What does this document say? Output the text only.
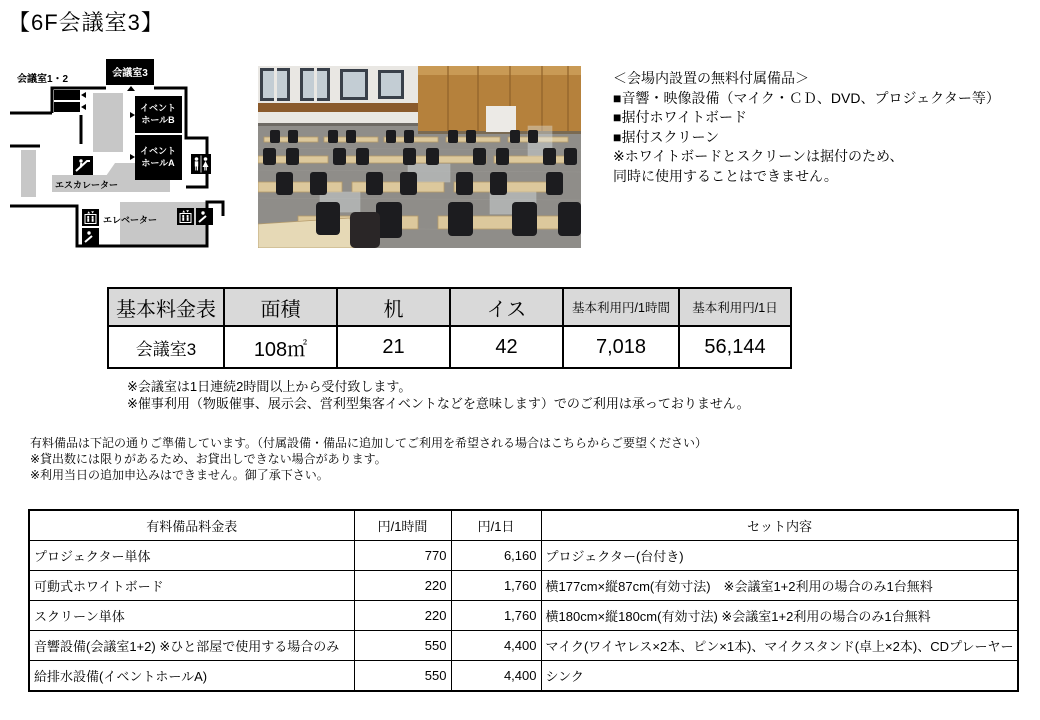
【6F会議室3】
会議室1・2
会議室3
イベント
ホールB
イベント
ホールA
エスカレーター
エレベーター
＜会場内設置の無料付属備品＞
■音響・映像設備（マイク・ＣＤ、DVD、プロジェクター等）
■据付ホワイトボード
■据付スクリーン
※ホワイトボードとスクリーンは据付のため、
同時に使用することはできません。
基本料金表	面積	机	イス	基本利用円/1時間	基本利用円/1日
会議室3	108㎡	21	42	7,018	56,144
※会議室は1日連続2時間以上から受付致します。
※催事利用（物販催事、展示会、営利型集客イベントなどを意味します）でのご利用は承っておりません。
有料備品は下記の通りご準備しています。（付属設備・備品に追加してご利用を希望される場合はこちらからご要望ください）
※貸出数には限りがあるため、お貸出しできない場合があります。
※利用当日の追加申込みはできません。御了承下さい。
有料備品料金表	円/1時間	円/1日	セット内容
プロジェクター単体	770	6,160	プロジェクター(台付き)
可動式ホワイトボード	220	1,760	横177cm×縦87cm(有効寸法)　※会議室1+2利用の場合のみ1台無料
スクリーン単体	220	1,760	横180cm×縦180cm(有効寸法) ※会議室1+2利用の場合のみ1台無料
音響設備(会議室1+2) ※ひと部屋で使用する場合のみ	550	4,400	マイク(ワイヤレス×2本、ピン×1本)、マイクスタンド(卓上×2本)、CDプレーヤー
給排水設備(イベントホールA)	550	4,400	シンク
